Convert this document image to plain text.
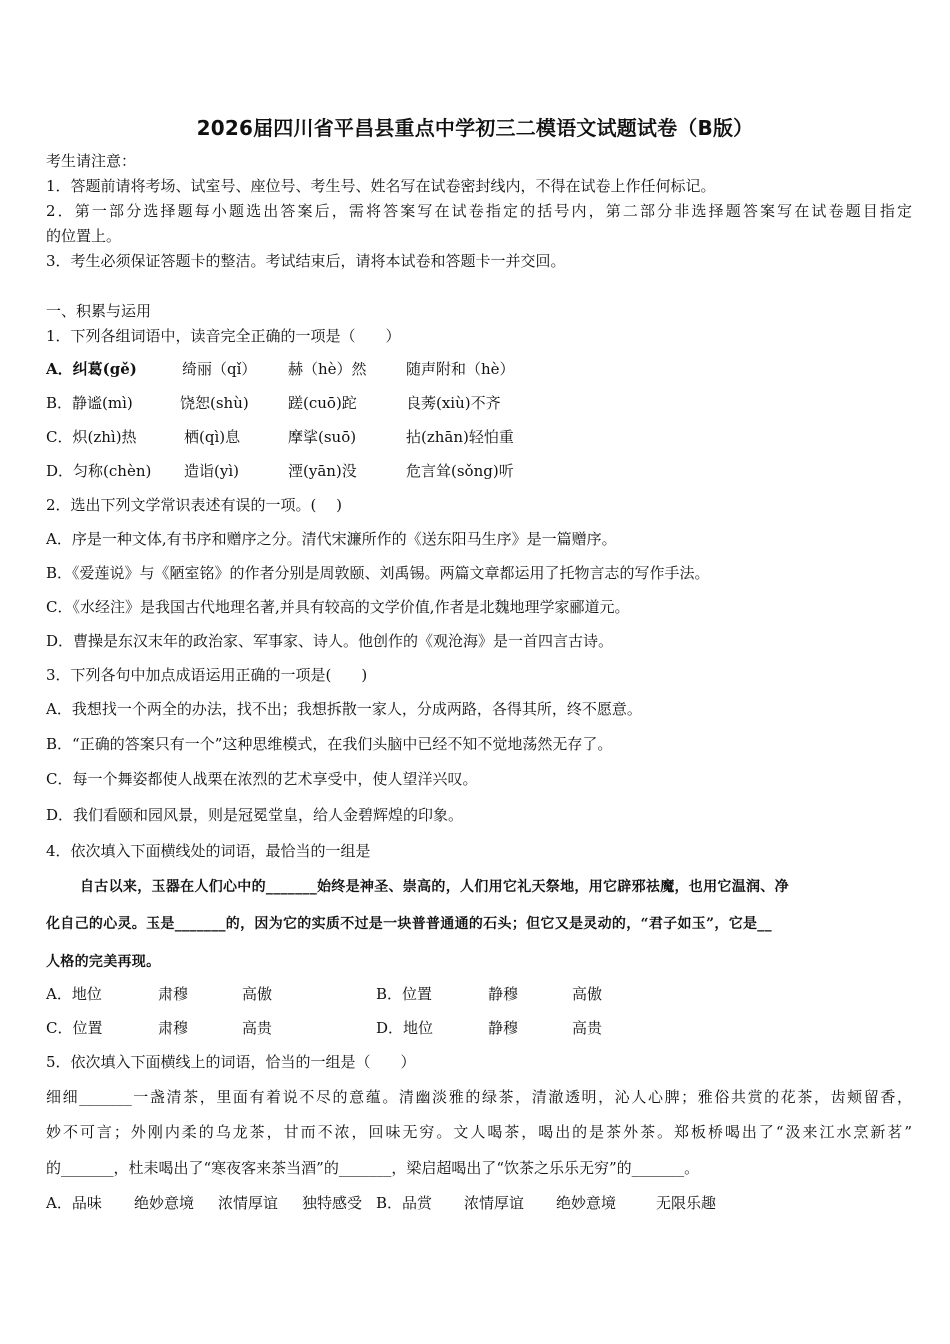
2026届四川省平昌县重点中学初三二模语文试题试卷（B版）
考生请注意：
1．答题前请将考场、试室号、座位号、考生号、姓名写在试卷密封线内，不得在试卷上作任何标记。
2．第一部分选择题每小题选出答案后，需将答案写在试卷指定的括号内，第二部分非选择题答案写在试卷题目指定
的位置上。
3．考生必须保证答题卡的整洁。考试结束后，请将本试卷和答题卡一并交回。
一、积累与运用
1．下列各组词语中，读音完全正确的一项是（　　）
A．纠葛(gě)	绮丽（qǐ） 赫（hè）然	随声附和（hè）
B．静谧(mì)	饶恕(shù)	蹉(cuō)跎	良莠(xiù)不齐
C．炽(zhì)热	栖(qì)息	摩挲(suō)	拈(zhān)轻怕重
D．匀称(chèn) 造诣(yì)	湮(yān)没	危言耸(sǒng)听
2．选出下列文学常识表述有误的一项。(　 )
A．序是一种文体,有书序和赠序之分。清代宋濂所作的《送东阳马生序》是一篇赠序。
B．《爱莲说》与《陋室铭》的作者分别是周敦颐、刘禹锡。两篇文章都运用了托物言志的写作手法。
C．《水经注》是我国古代地理名著,并具有较高的文学价值,作者是北魏地理学家郦道元。
D．曹操是东汉末年的政治家、军事家、诗人。他创作的《观沧海》是一首四言古诗。
3．下列各句中加点成语运用正确的一项是(　　)
A．我想找一个两全的办法，找不出；我想拆散一家人，分成两路，各得其所，终不愿意。
B．“正确的答案只有一个”这种思维模式，在我们头脑中已经不知不觉地荡然无存了。
C．每一个舞姿都使人战栗在浓烈的艺术享受中，使人望洋兴叹。
D．我们看颐和园风景，则是冠冕堂皇，给人金碧辉煌的印象。
4．依次填入下面横线处的词语，最恰当的一组是
自古以来，玉器在人们心中的_______始终是神圣、崇高的，人们用它礼天祭地，用它辟邪祛魔，也用它温润、净
化自己的心灵。玉是_______的，因为它的实质不过是一块普普通通的石头；但它又是灵动的，“君子如玉”，它是__
人格的完美再现。
A．地位	肃穆	高傲	B．位置	静穆	高傲
C．位置	肃穆	高贵	D．地位	静穆	高贵
5．依次填入下面横线上的词语，恰当的一组是（　　）
细细_______一盏清茶，里面有着说不尽的意蕴。清幽淡雅的绿茶，清澈透明，沁人心脾；雅俗共赏的花茶，齿颊留香，
妙不可言；外刚内柔的乌龙茶，甘而不浓，回味无穷。文人喝茶，喝出的是茶外茶。郑板桥喝出了“汲来江水烹新茗”
的_______，杜耒喝出了“寒夜客来茶当酒”的_______，梁启超喝出了“饮茶之乐乐无穷”的_______。
A．品味 绝妙意境 浓情厚谊 独特感受 B．品赏 浓情厚谊 绝妙意境	无限乐趣
